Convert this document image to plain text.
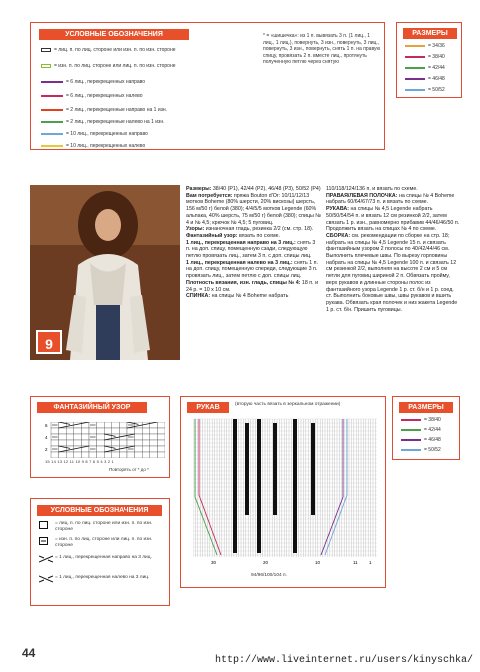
УСЛОВНЫЕ ОБОЗНАЧЕНИЯ
= лиц. п. по лиц. стороне или изн. п. по изн. стороне
= изн. п. по лиц. стороне или лиц. п. по изн. стороне
= 6 лиц., перекрещенных направо
= 6 лиц., перекрещенных налево
= 2 лиц., перекрещенные направо на 1 изн.
= 2 лиц., перекрещенные налево на 1 изн.
= 10 лиц., перекрещенных направо
= 10 лиц., перекрещенных налево
* = «шишечка»: из 1 п. вывязать 3 п. (1 лиц., 1 лиц., 1 лиц.), повернуть, 3 изн., повернуть, 3 лиц., повернуть, 3 изн., повернуть, снять 1 п. на правую спицу, провязать 2 п. вместе лиц., протянуть полученную петлю через снятую
РАЗМЕРЫ
= 34/36
= 38/40
= 42/44
= 46/48
= 50/52
9

Размеры: 38/40 (P1), 42/44 (P2), 46/48 (P3), 50/52 (P4)

Вам потребуется: пряжа Bouton d'Or: 10/11/12/13 мотков Boheme (80% шерсти, 20% вискозы) шерсть, 156 м/50 г) белой (380); 4/4/5/5 мотков Legende (60% альпака, 40% шерсть, 75 м/50 г) белой (380); спицы № 4 и № 4,5; крючок № 4,5; 5 пуговиц.

Узоры: изнаночная гладь, резинка 2/2 (см. стр. 18).

Фантазийный узор: вязать по схеме.

1 лиц., перекрещенная направо на 3 лиц.: снять 3 п. на доп. спицу, помещенную сзади, следующую петлю провязать лиц., затем 3 п. с доп. спицы лиц.

1 лиц., перекрещенная налево на 3 лиц.: снять 1 п. на доп. спицу, помещенную спереди, следующие 3 п. провязать лиц., затем петлю с доп. спицы лиц.

Плотность вязания, изн. гладь, спицы № 4: 18 п. и 24 р. = 10 х 10 см.

СПИНКА: на спицы № 4 Boheme набрать

110/118/124/136 п. и вязать по схеме.

ПРАВАЯ/ЛЕВАЯ ПОЛОЧКА: на спицы № 4 Boheme набрать 60/64/67/73 п. и вязать по схеме.

РУКАВА: на спицы № 4,5 Legende набрать 50/50/54/54 п. и вязать 12 см резинкой 2/2, затем связать 1 р. изн., равномерно прибавив 44/46/46/50 п. Продолжить вязать на спицах № 4 по схеме.

СБОРКА: см. рекомендации по сборке на стр. 18; набрать на спицы № 4,5 Legende 15 п. и связать фантазийным узором 2 полосы по 40/42/44/46 см. Выполнить плечевые швы. По вырезу горловины набрать на спицы № 4,5 Legende 100 п. и связать 12 см резинкой 2/2, выполняя на высоте 2 см и 5 см петли для пуговиц шириной 2 п. Обвязать пройму, верх рукавов и длинные стороны полос из фантазийного узора Legende 1 р. ст. б/н и 1 р. соед. ст. Выполнить боковые швы, швы рукавов и вшить рукава. Обвязать края полочек и низ жакета Legende 1 р. ст. б/н. Пришить пуговицы.

ФАНТАЗИЙНЫЙ УЗОР
6
4
2
15 14 13 12 11 10 9 8 7 6 5 4 3 2 1
Повторять от * до *
УСЛОВНЫЕ ОБОЗНАЧЕНИЯ
= лиц. п. по лиц. стороне или изн. п. по изн. стороне
= изн. п. по лиц. стороне или лиц. п. по изн. стороне
= 1 лиц., перекрещенная направо на 3 лиц.
= 1 лиц., перекрещенная налево на 3 лиц.
РУКАВ	(вторую часть вязать в зеркальном отражении)
30	20	10	11	1
94/96/100/104 п.
РАЗМЕРЫ
= 38/40
= 42/44
= 46/48
= 50/52
44
http://www.liveinternet.ru/users/kinyschka/
